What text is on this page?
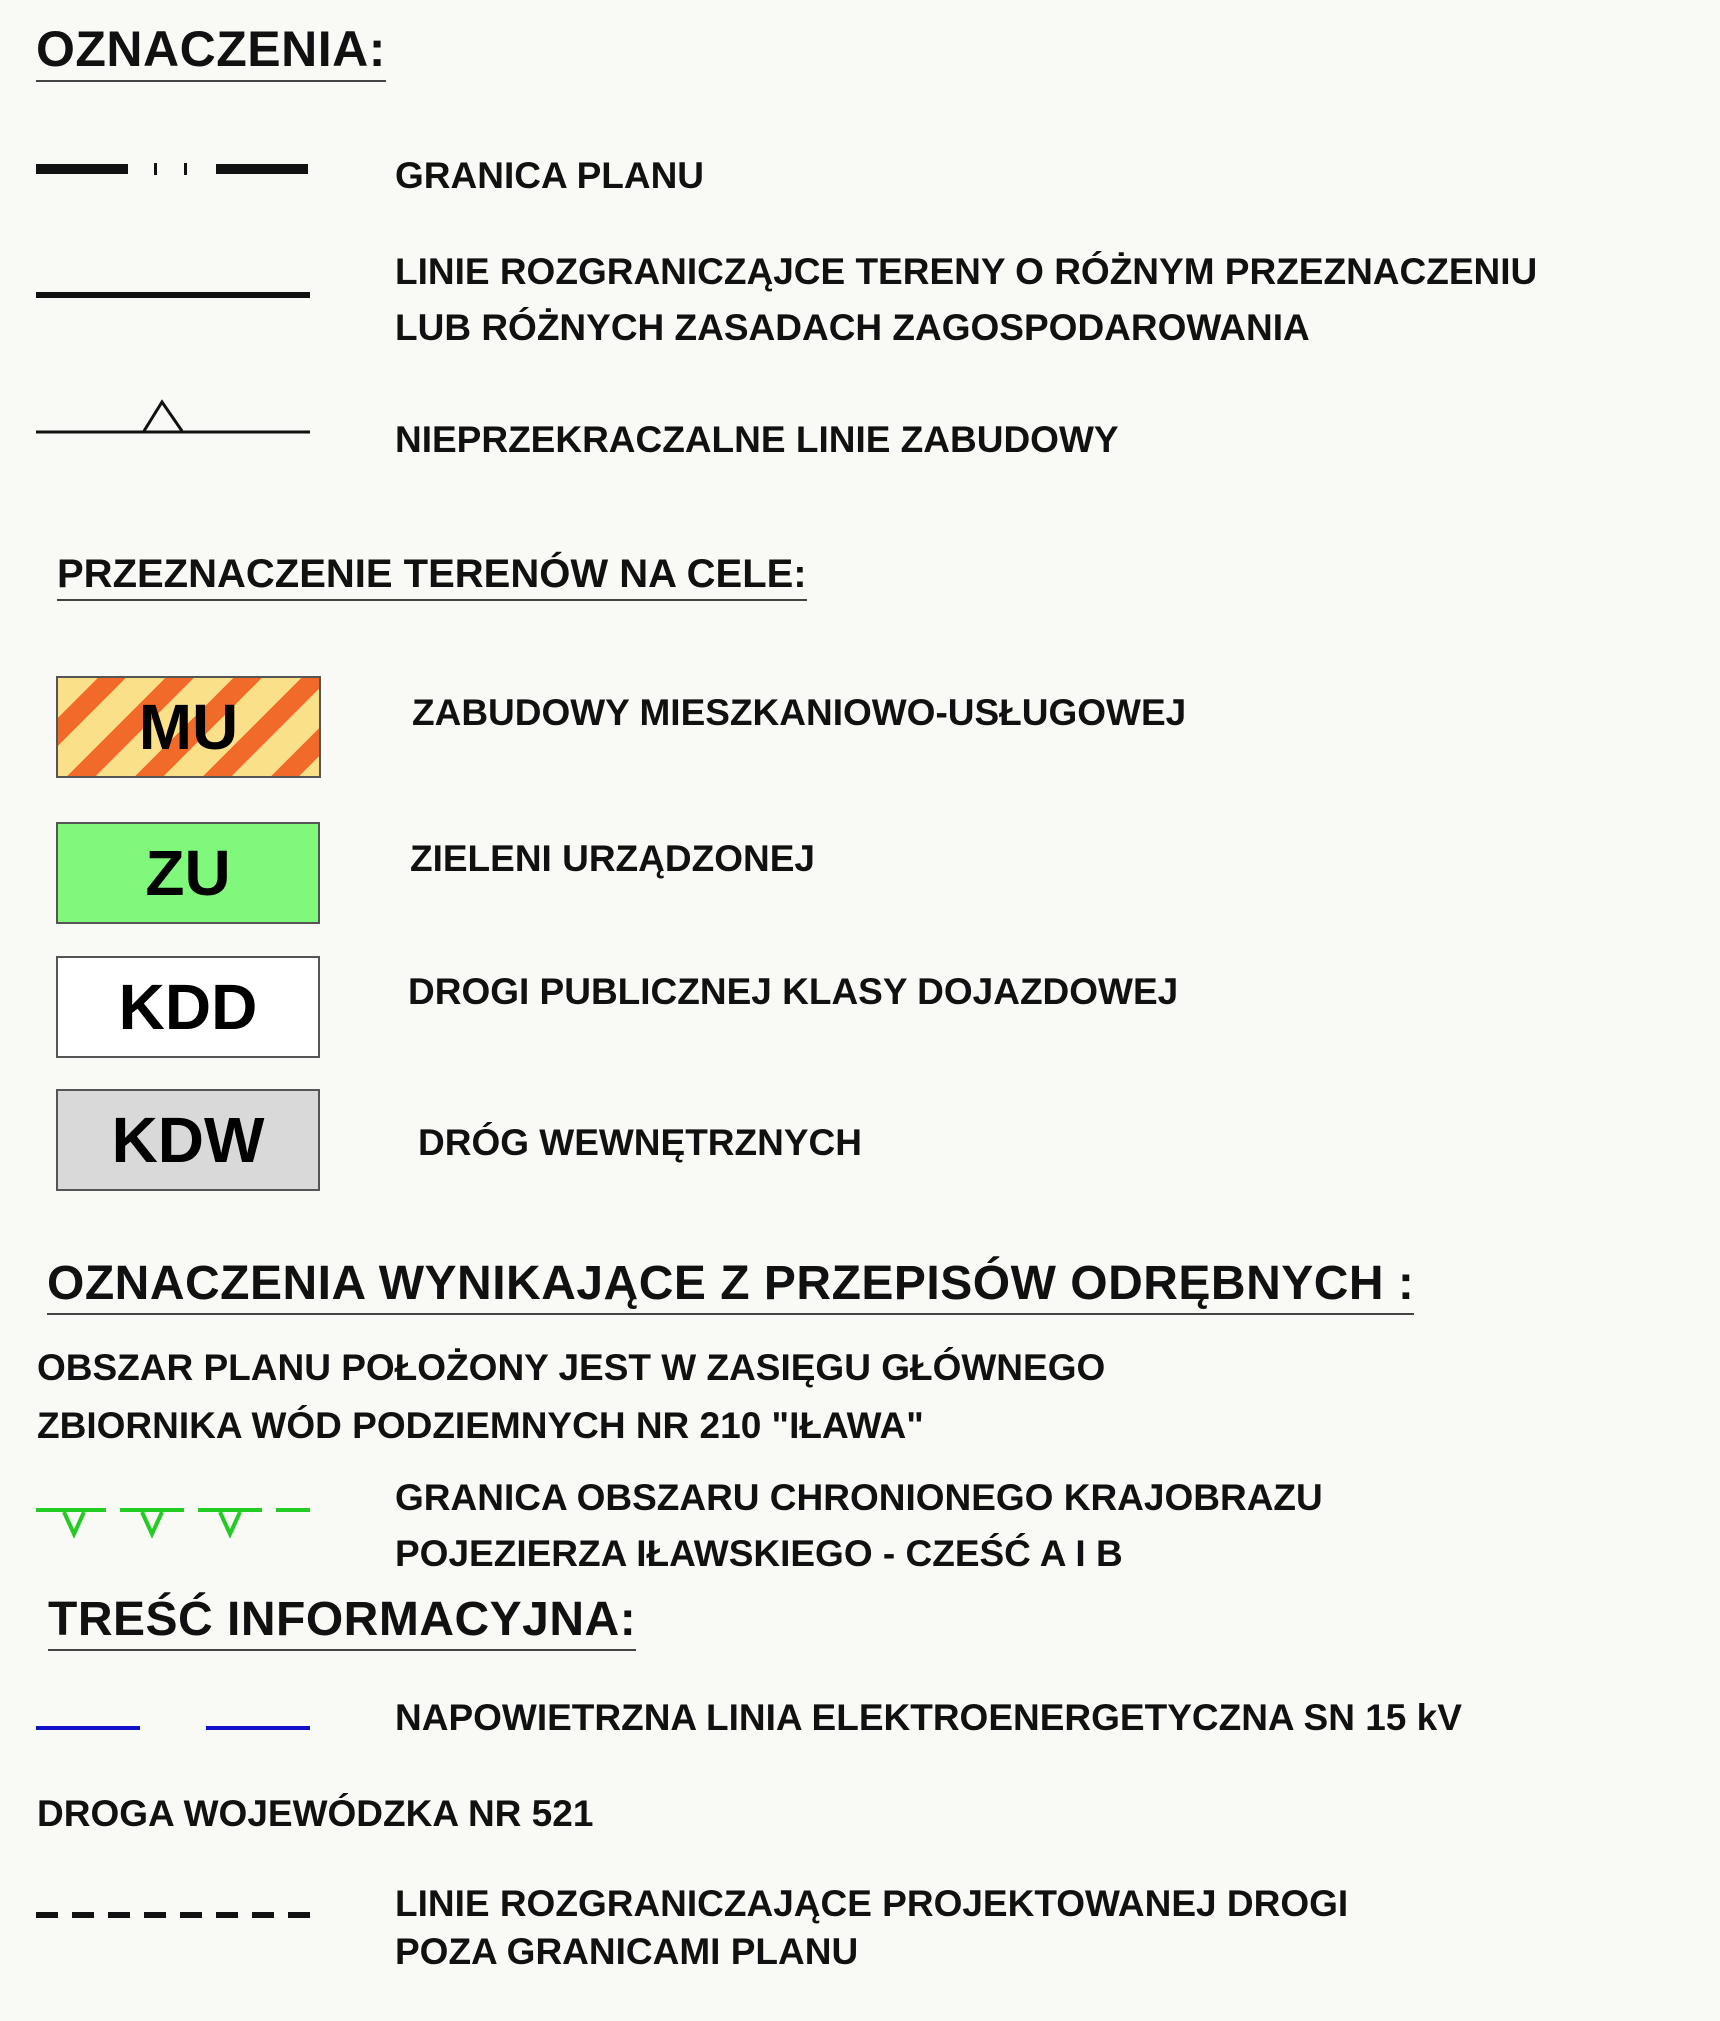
OZNACZENIA:
GRANICA PLANU
LINIE ROZGRANICZĄJCE TERENY O RÓŻNYM PRZEZNACZENIU
LUB RÓŻNYCH ZASADACH ZAGOSPODAROWANIA
NIEPRZEKRACZALNE LINIE ZABUDOWY
PRZEZNACZENIE TERENÓW NA CELE:
MU	ZABUDOWY MIESZKANIOWO-USŁUGOWEJ
ZU	ZIELENI URZĄDZONEJ
KDD	DROGI PUBLICZNEJ KLASY DOJAZDOWEJ
KDW	DRÓG WEWNĘTRZNYCH
OZNACZENIA WYNIKAJĄCE Z PRZEPISÓW ODRĘBNYCH :
OBSZAR PLANU POŁOŻONY JEST W ZASIĘGU GŁÓWNEGO
ZBIORNIKA WÓD PODZIEMNYCH NR 210 "IŁAWA"
GRANICA OBSZARU CHRONIONEGO KRAJOBRAZU
POJEZIERZA IŁAWSKIEGO - CZEŚĆ A I B
TREŚĆ INFORMACYJNA:
NAPOWIETRZNA LINIA ELEKTROENERGETYCZNA SN 15 kV
DROGA WOJEWÓDZKA NR 521
LINIE ROZGRANICZAJĄCE PROJEKTOWANEJ DROGI
POZA GRANICAMI PLANU
